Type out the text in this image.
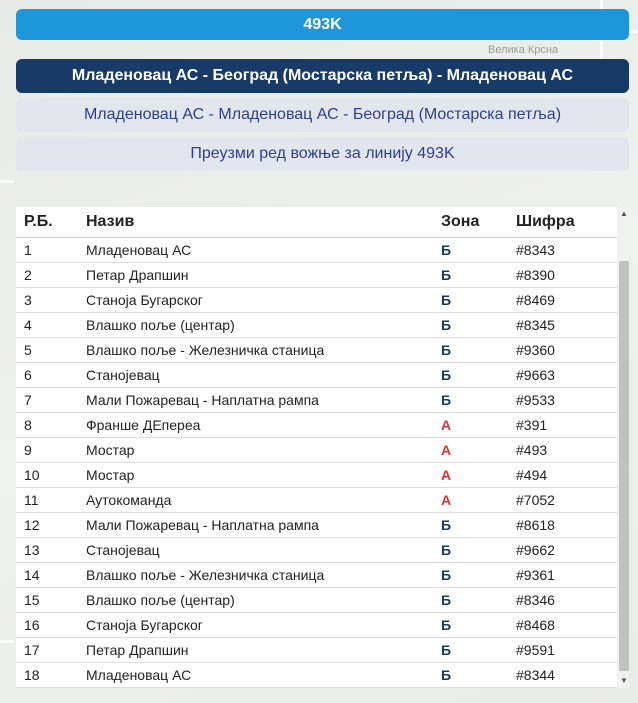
Велика Крсна
493K
Младеновац АС - Београд (Мостарска петља) - Младеновац АС
Младеновац АС - Младеновац АС - Београд (Мостарска петља)
Преузми ред вожње за линију 493K
Р.Б.	Назив	Зона	Шифра
1	Младеновац АС	Б	#8343
2	Петар Драпшин	Б	#8390
3	Станоја Бугарског	Б	#8469
4	Влашко поље (центар)	Б	#8345
5	Влашко поље - Железничка станица	Б	#9360
6	Станојевац	Б	#9663
7	Мали Пожаревац - Наплатна рампа	Б	#9533
8	Франше ДЕпереа	А	#391
9	Мостар	А	#493
10	Мостар	А	#494
11	Аутокоманда	А	#7052
12	Мали Пожаревац - Наплатна рампа	Б	#8618
13	Станојевац	Б	#9662
14	Влашко поље - Железничка станица	Б	#9361
15	Влашко поље (центар)	Б	#8346
16	Станоја Бугарског	Б	#8468
17	Петар Драпшин	Б	#9591
18	Младеновац АС	Б	#8344
▲
▼
